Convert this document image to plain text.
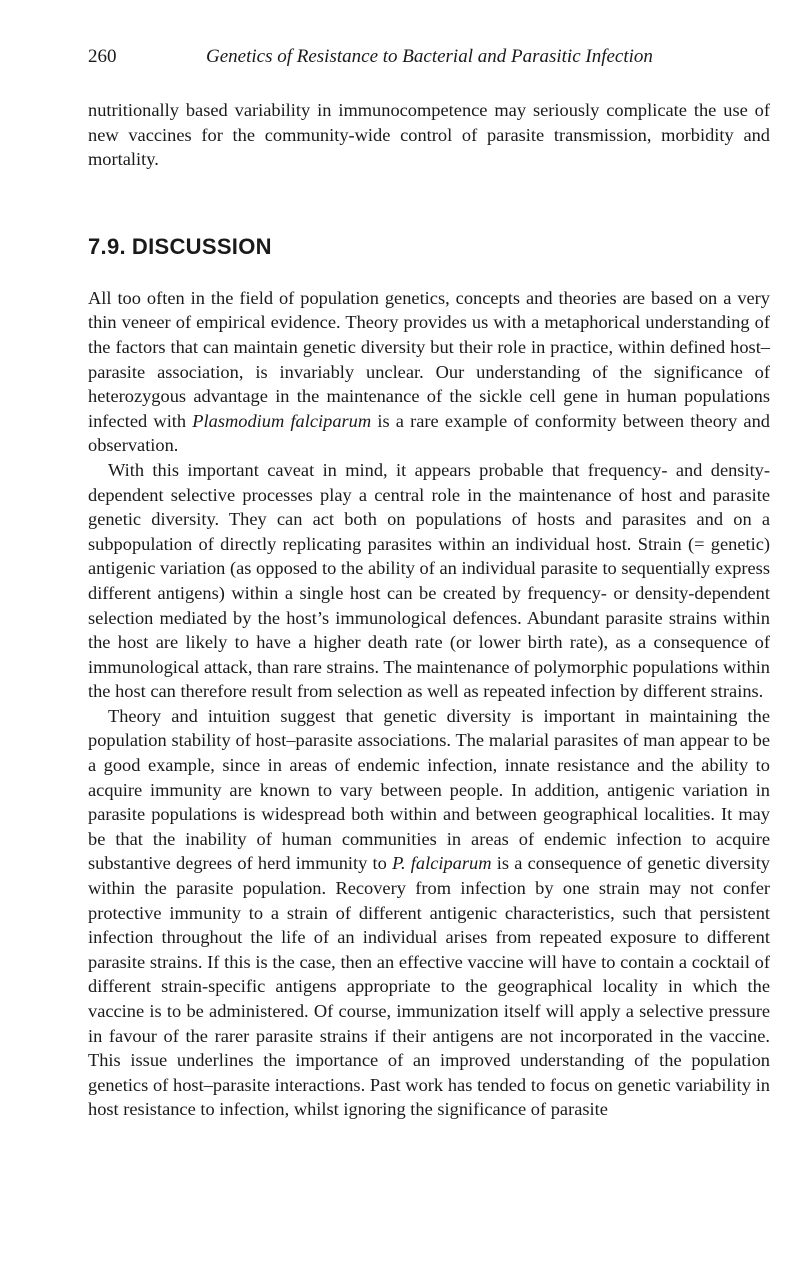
260	Genetics of Resistance to Bacterial and Parasitic Infection

nutritionally based variability in immunocompetence may seriously complicate the use of new vaccines for the community-wide control of parasite transmission, morbidity and mortality.

7.9. DISCUSSION

All too often in the field of population genetics, concepts and theories are based on a very thin veneer of empirical evidence. Theory provides us with a metaphorical understanding of the factors that can maintain genetic diversity but their role in practice, within defined host–parasite association, is invariably unclear. Our understanding of the significance of heterozygous advantage in the maintenance of the sickle cell gene in human populations infected with Plasmodium falciparum is a rare example of conformity between theory and observation.

With this important caveat in mind, it appears probable that frequency- and density-dependent selective processes play a central role in the maintenance of host and parasite genetic diversity. They can act both on populations of hosts and parasites and on a subpopulation of directly replicating parasites within an individual host. Strain (= genetic) antigenic variation (as opposed to the ability of an individual parasite to sequentially express different antigens) within a single host can be created by frequency- or density-dependent selection mediated by the host’s immunological defences. Abundant parasite strains within the host are likely to have a higher death rate (or lower birth rate), as a consequence of immunological attack, than rare strains. The maintenance of polymorphic populations within the host can therefore result from selection as well as repeated infection by different strains.

Theory and intuition suggest that genetic diversity is important in maintaining the population stability of host–parasite associations. The malarial parasites of man appear to be a good example, since in areas of endemic infection, innate resistance and the ability to acquire immunity are known to vary between people. In addition, antigenic variation in parasite populations is widespread both within and between geographical localities. It may be that the inability of human communities in areas of endemic infection to acquire substantive degrees of herd immunity to P. falciparum is a consequence of genetic diversity within the parasite population. Recovery from infection by one strain may not confer protective immunity to a strain of different antigenic characteristics, such that persistent infection throughout the life of an individual arises from repeated exposure to different parasite strains. If this is the case, then an effective vaccine will have to contain a cocktail of different strain-specific antigens appropriate to the geographical locality in which the vaccine is to be administered. Of course, immunization itself will apply a selective pressure in favour of the rarer parasite strains if their antigens are not incorporated in the vaccine. This issue underlines the importance of an improved understanding of the population genetics of host–parasite interactions. Past work has tended to focus on genetic variability in host resistance to infection, whilst ignoring the significance of parasite
